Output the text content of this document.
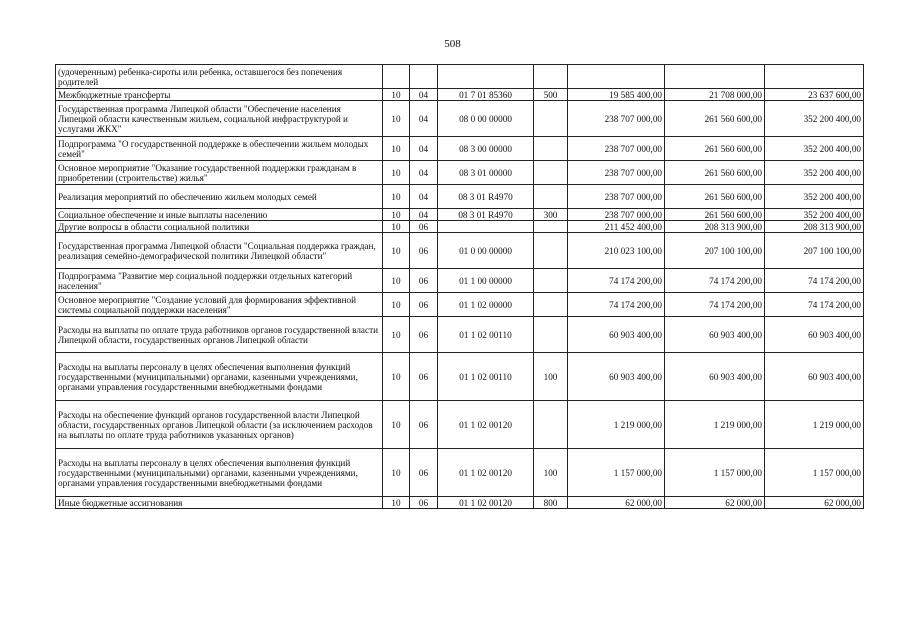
508
(удочеренным) ребенка-сироты или ребенка, оставшегося без попечения родителей							
Межбюджетные трансферты	10	04	01 7 01 85360	500	19 585 400,00	21 708 000,00	23 637 600,00
Государственная программа Липецкой области "Обеспечение населения Липецкой области качественным жильем, социальной инфраструктурой и услугами ЖКХ"	10	04	08 0 00 00000		238 707 000,00	261 560 600,00	352 200 400,00
Подпрограмма "О государственной поддержке в обеспечении жильем молодых семей"	10	04	08 3 00 00000		238 707 000,00	261 560 600,00	352 200 400,00
Основное мероприятие "Оказание государственной поддержки гражданам в приобретении (строительстве) жилья"	10	04	08 3 01 00000		238 707 000,00	261 560 600,00	352 200 400,00
Реализация мероприятий по обеспечению жильем молодых семей	10	04	08 3 01 R4970		238 707 000,00	261 560 600,00	352 200 400,00
Социальное обеспечение и иные выплаты населению	10	04	08 3 01 R4970	300	238 707 000,00	261 560 600,00	352 200 400,00
Другие вопросы в области социальной политики	10	06			211 452 400,00	208 313 900,00	208 313 900,00
Государственная программа Липецкой области "Социальная поддержка граждан, реализация семейно-демографической политики Липецкой области"	10	06	01 0 00 00000		210 023 100,00	207 100 100,00	207 100 100,00
Подпрограмма "Развитие мер социальной поддержки отдельных категорий населения"	10	06	01 1 00 00000		74 174 200,00	74 174 200,00	74 174 200,00
Основное мероприятие "Создание условий для формирования эффективной системы социальной поддержки населения"	10	06	01 1 02 00000		74 174 200,00	74 174 200,00	74 174 200,00
Расходы на выплаты по оплате труда работников органов государственной власти Липецкой области, государственных органов Липецкой области	10	06	01 1 02 00110		60 903 400,00	60 903 400,00	60 903 400,00
Расходы на выплаты персоналу в целях обеспечения выполнения функций государственными (муниципальными) органами, казенными учреждениями, органами управления государственными внебюджетными фондами	10	06	01 1 02 00110	100	60 903 400,00	60 903 400,00	60 903 400,00
Расходы на обеспечение функций органов государственной власти Липецкой области, государственных органов Липецкой области (за исключением расходов на выплаты по оплате труда работников указанных органов)	10	06	01 1 02 00120		1 219 000,00	1 219 000,00	1 219 000,00
Расходы на выплаты персоналу в целях обеспечения выполнения функций государственными (муниципальными) органами, казенными учреждениями, органами управления государственными внебюджетными фондами	10	06	01 1 02 00120	100	1 157 000,00	1 157 000,00	1 157 000,00
Иные бюджетные ассигнования	10	06	01 1 02 00120	800	62 000,00	62 000,00	62 000,00
